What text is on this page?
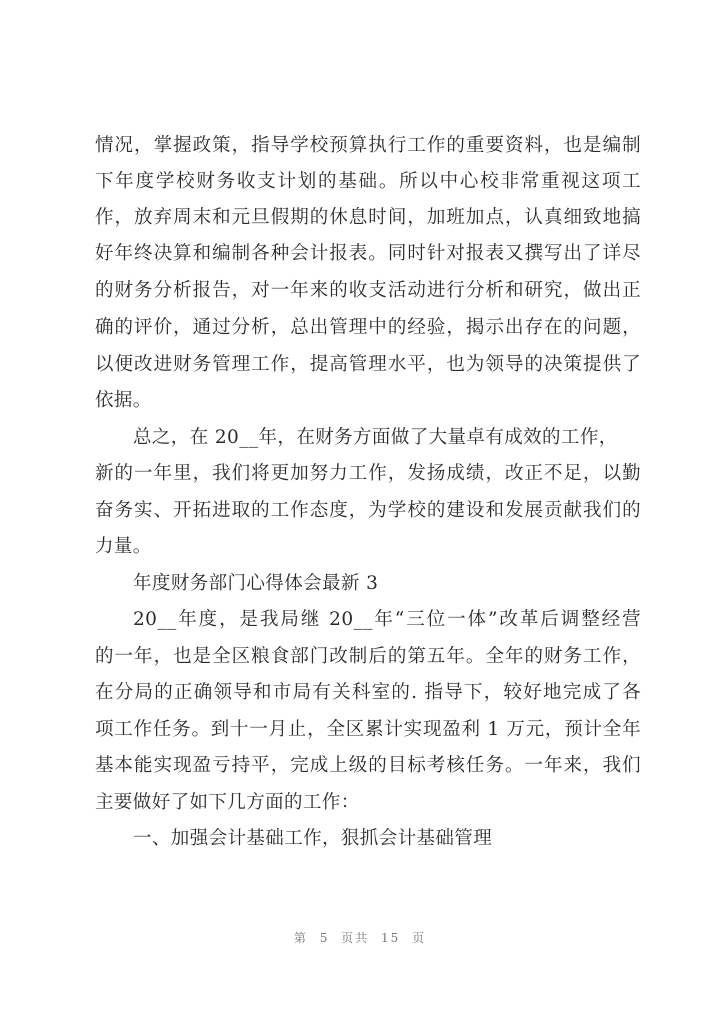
情况，掌握政策，指导学校预算执行工作的重要资料，也是编制
下年度学校财务收支计划的基础。所以中心校非常重视这项工
作，放弃周末和元旦假期的休息时间，加班加点，认真细致地搞
好年终决算和编制各种会计报表。同时针对报表又撰写出了详尽
的财务分析报告，对一年来的收支活动进行分析和研究，做出正
确的评价，通过分析，总出管理中的经验，揭示出存在的问题，
以便改进财务管理工作，提高管理水平，也为领导的决策提供了
依据。
总之，在 20__年，在财务方面做了大量卓有成效的工作，
新的一年里，我们将更加努力工作，发扬成绩，改正不足，以勤
奋务实、开拓进取的工作态度，为学校的建设和发展贡献我们的
力量。
年度财务部门心得体会最新 3
20__年度，是我局继 20__年“三位一体”改革后调整经营
的一年，也是全区粮食部门改制后的第五年。全年的财务工作，
在分局的正确领导和市局有关科室的. 指导下，较好地完成了各
项工作任务。到十一月止，全区累计实现盈利 1 万元，预计全年
基本能实现盈亏持平，完成上级的目标考核任务。一年来，我们
主要做好了如下几方面的工作：
第 5 页共 15 页
一、加强会计基础工作，狠抓会计基础管理
